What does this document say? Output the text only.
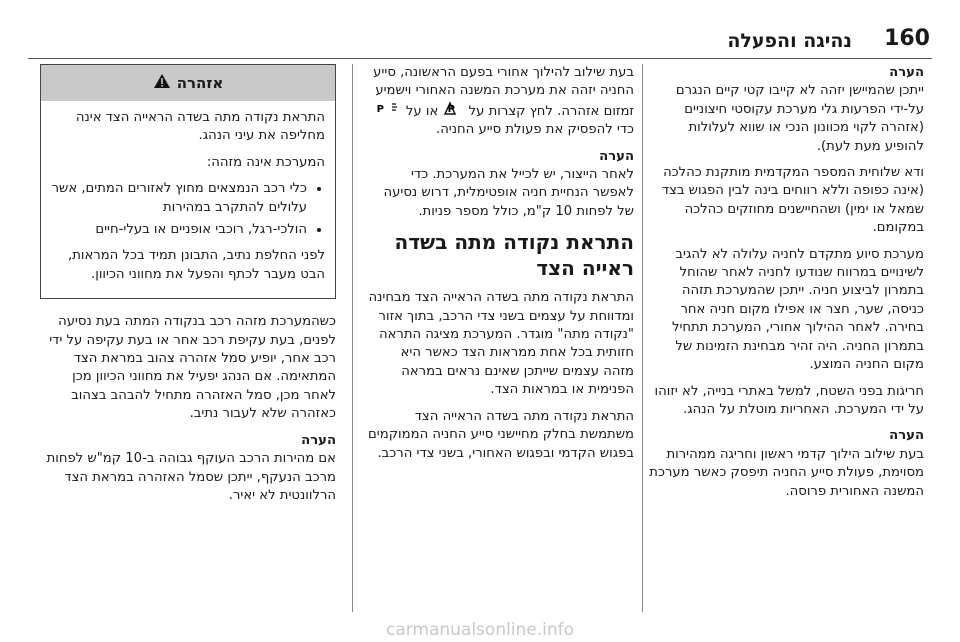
160
נהיגה והפעלה

הערה

ייתכן שהמיישן יזהה לא קייבו קטי קיים הנגרם על-ידי הפרעות גלי מערכת עקוסטי חיצוניים (אזהרה לקוי מכוונון הנכי או שווא לעלולות להופיע מעת לעת).

ודא שלוחית המספר המקדמית מותקנת כהלכה (אינה כפופה וללא רווחים בינה לבין הפגוש בצד שמאל או ימין) ושהחיישנים מחוזקים כהלכה במקומם.

מערכת סיוע מתקדם לחניה עלולה לא להגיב לשינויים במרווח שנודעו לחניה לאחר שהוחל בתמרון לביצוע חניה. ייתכן שהמערכת תזהה כניסה, שער, חצר או אפילו מקום חניה אחר בחירה. לאחר ההילוך אחורי, המערכת תתחיל בתמרון החניה. היה זהיר מבחינת הזמינות של מקום החניה המוצע.

חריגות בפני השטח, למשל באתרי בנייה, לא יזוהו על ידי המערכת. האחריות מוטלת על הנהג.

הערה

בעת שילוב הילוך קדמי ראשון וחריגה ממהירות מסוימת, פעולת סייע החניה תיפסק כאשר מערכת המשנה האחורית פרוסה.

בעת שילוב להילוך אחורי בפעם הראשונה, סייע החניה יזהה את מערכת המשנה האחורי וישמיע זמזום אזהרה. לחץ קצרות על
P
או על
P
כדי להפסיק את פעולת סייע החניה.

הערה

לאחר הייצור, יש לכייל את המערכת. כדי לאפשר הנחיית חניה אופטימלית, דרוש נסיעה של לפחות 10 ק"מ, כולל מספר פניות.

התראת נקודה מתה בשדה ראייה הצד

התראת נקודה מתה בשדה הראייה הצד מבחינה ומדווחת על עצמים בשני צדי הרכב, בתוך אזור "נקודה מתה" מוגדר. המערכת מציגה התראה חזותית בכל אחת ממראות הצד כאשר היא מזהה עצמים שייתכן שאינם נראים במראה הפנימית או במראות הצד.

התראת נקודה מתה בשדה הראייה הצד משתמשת בחלק מחיישני סייע החניה הממוקמים בפגוש הקדמי ובפגוש האחורי, בשני צדי הרכב.

אזהרה

התראת נקודה מתה בשדה הראייה הצד אינה מחליפה את עיני הנהג.

המערכת אינה מזהה:

• כלי רכב הנמצאים מחוץ לאזורים המתים, אשר עלולים להתקרב במהירות
• הולכי-רגל, רוכבי אופניים או בעלי-חיים

לפני החלפת נתיב, התבונן תמיד בכל המראות, הבט מעבר לכתף והפעל את מחווני הכיוון.

כשהמערכת מזהה רכב בנקודה המתה בעת נסיעה לפנים, בעת עקיפת רכב אחר או בעת עקיפה על ידי רכב אחר, יופיע סמל אזהרה צהוב במראת הצד המתאימה. אם הנהג יפעיל את מחווני הכיוון מכן לאחר מכן, סמל האזהרה מתחיל להבהב בצהוב כאזהרה שלא לעבור נתיב.

הערה

אם מהירות הרכב העוקף גבוהה ב-10 קמ"ש לפחות מרכב הנעקף, ייתכן שסמל האזהרה במראת הצד הרלוונטית לא יאיר.

carmanualsonline.info
